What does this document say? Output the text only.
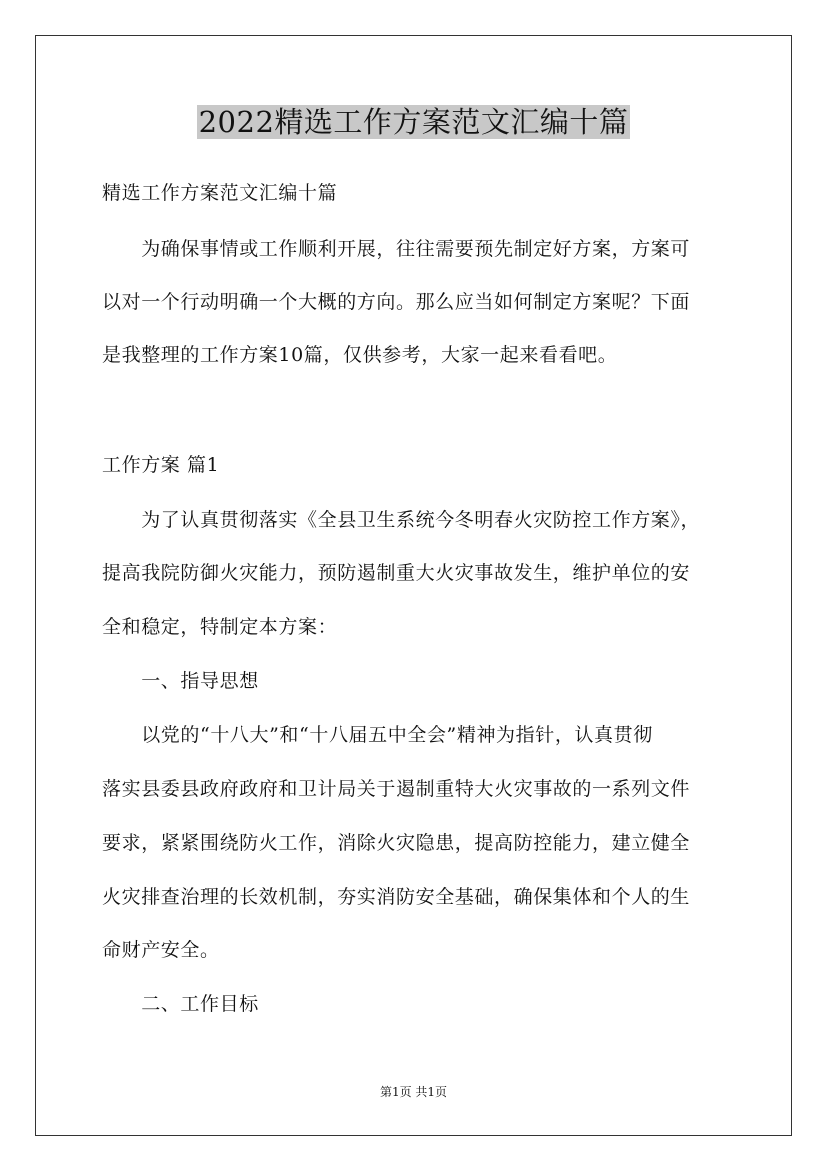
2022精选工作方案范文汇编十篇
精选工作方案范文汇编十篇
　　为确保事情或工作顺利开展，往往需要预先制定好方案，方案可
以对一个行动明确一个大概的方向。那么应当如何制定方案呢？下面
是我整理的工作方案10篇，仅供参考，大家一起来看看吧。
工作方案 篇1
　　为了认真贯彻落实《全县卫生系统今冬明春火灾防控工作方案》，
提高我院防御火灾能力，预防遏制重大火灾事故发生，维护单位的安
全和稳定，特制定本方案：
　　一、指导思想
　　以党的“十八大”和“十八届五中全会”精神为指针，认真贯彻
落实县委县政府政府和卫计局关于遏制重特大火灾事故的一系列文件
要求，紧紧围绕防火工作，消除火灾隐患，提高防控能力，建立健全
火灾排查治理的长效机制，夯实消防安全基础，确保集体和个人的生
命财产安全。
　　二、工作目标
第1页 共1页
